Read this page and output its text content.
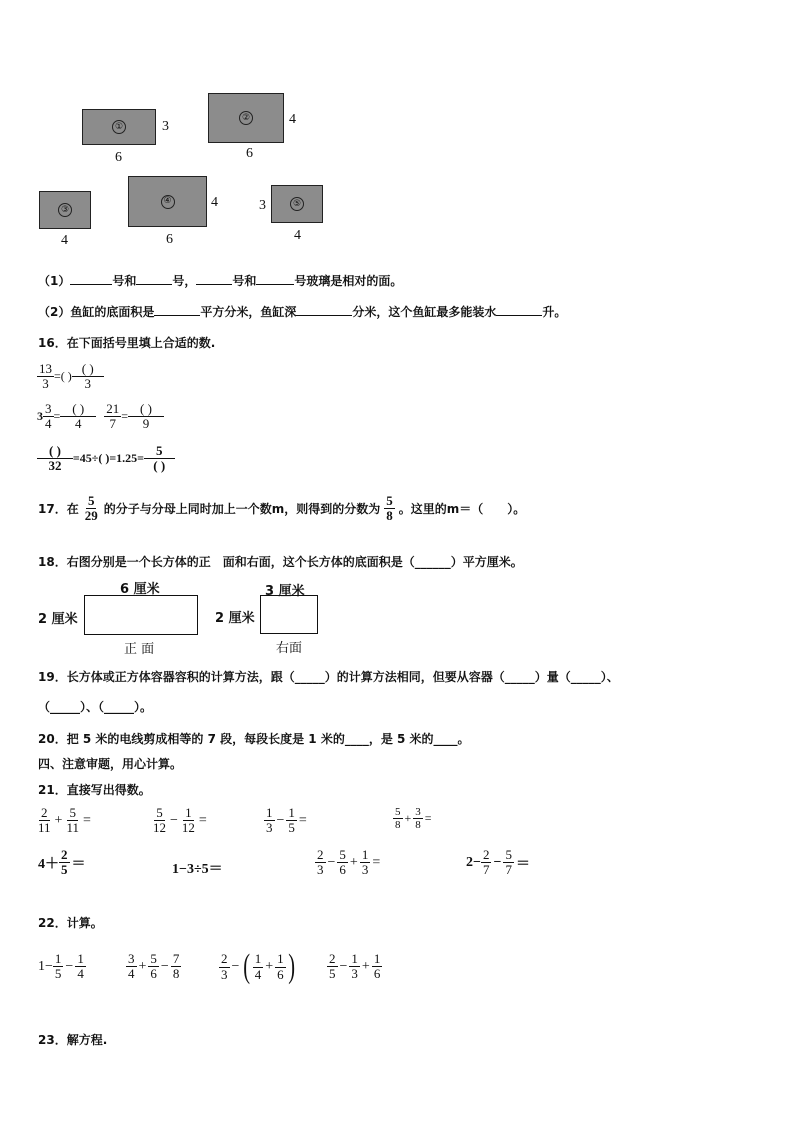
①	3
6
②	4
6
③
4
④	4
6
⑤
3
4
（1）	号和	号，	号和	号玻璃是相对的面。
（2）鱼缸的底面积是	平方分米，鱼缸深	分米，这个鱼缸最多能装水	升。
16．在下面括号里填上合适的数.
$\frac{13}{3}$ =( ) $\frac{( )}{3}$
$3 \frac{3}{4} = \frac{( )}{4} \frac{21}{7} = \frac{( )}{9}$
$\frac{( )}{32} =45\div$( )$=1.25= \frac{5}{( )}$
17．在 $\frac{5}{29}$ 的分子与分母上同时加上一个数m，则得到的分数为 $\frac{5}{8}$ 。这里的m＝（　　）。
18．右图分别是一个长方体的正　面和右面，这个长方体的底面积是（______）平方厘米。
6 厘米
2 厘米
正 面
3 厘米
2 厘米
右面
19．长方体或正方体容器容积的计算方法，跟（_____）的计算方法相同，但要从容器（_____）量（_____）、
（_____）、（_____）。
20．把 5 米的电线剪成相等的 7 段，每段长度是 1 米的____，是 5 米的____。
四、注意审题，用心计算。
21．直接写出得数。
$\frac{2}{11} + \frac{5}{11}$ =	$\frac{5}{12} - \frac{1}{12}$ =	$\frac{1}{3} - \frac{1}{5}$ =	$\frac{5}{8} + \frac{3}{8}$ =
$4+ \frac{2}{5}$ ＝	1−3÷5＝	$\frac{2}{3} - \frac{5}{6} + \frac{1}{3}$ =	$2- \frac{2}{7} - \frac{5}{7}$ ＝
22．计算。
$1- \frac{1}{5} - \frac{1}{4}$	$\frac{3}{4} + \frac{5}{6} - \frac{7}{8}$	$\frac{2}{3}$ − ( $\frac{1}{4} + \frac{1}{6}$ ) $\frac{2}{5} - \frac{1}{3} + \frac{1}{6}$
23．解方程.
